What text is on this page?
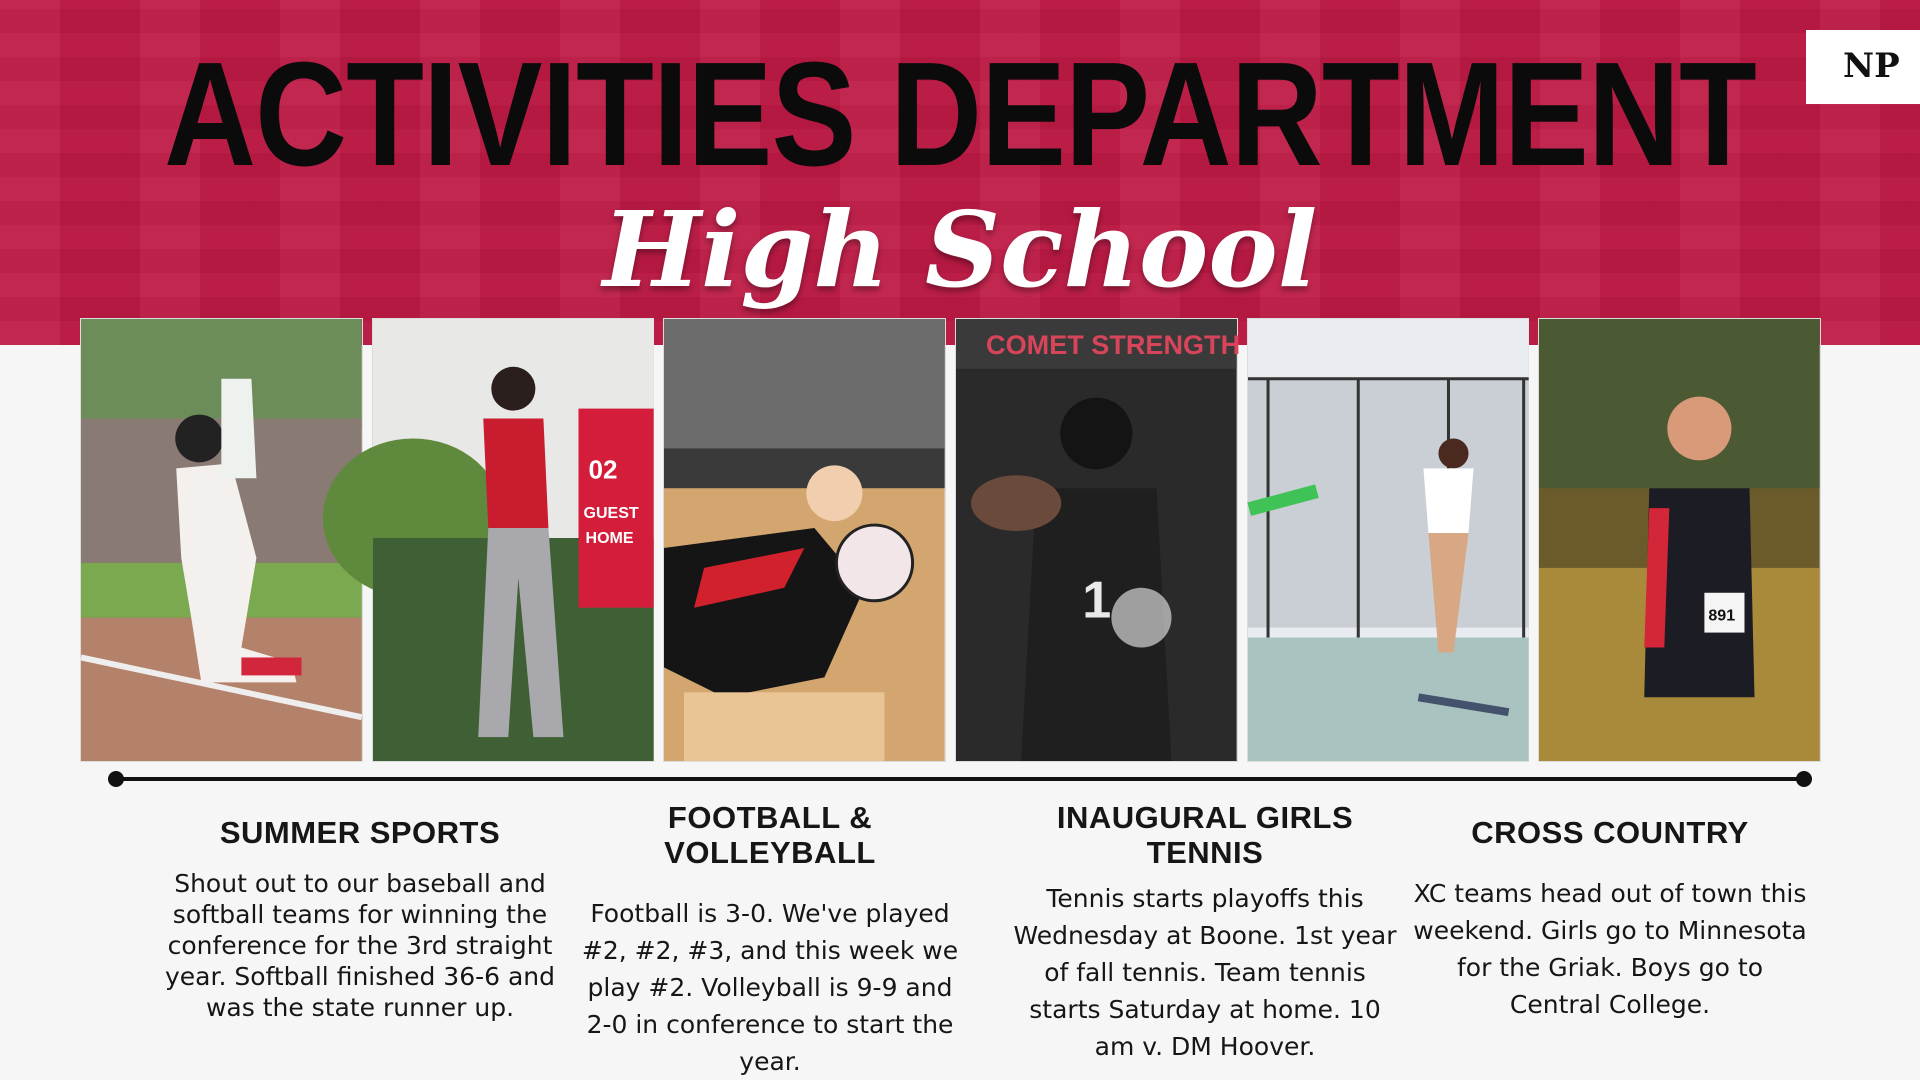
ACTIVITIES DEPARTMENT
High School
NP
02
GUEST
HOME
COMET STRENGTH
1	891
SUMMER SPORTS

Shout out to our baseball and softball teams for winning the conference for the 3rd straight year. Softball finished 36-6 and was the state runner up.

FOOTBALL & VOLLEYBALL

Football is 3-0. We've played #2, #2, #3, and this week we play #2. Volleyball is 9-9 and 2-0 in conference to start the year.

INAUGURAL GIRLS TENNIS

Tennis starts playoffs this Wednesday at Boone. 1st year of fall tennis. Team tennis starts Saturday at home. 10 am v. DM Hoover.

CROSS COUNTRY

XC teams head out of town this weekend. Girls go to Minnesota for the Griak. Boys go to Central College.
